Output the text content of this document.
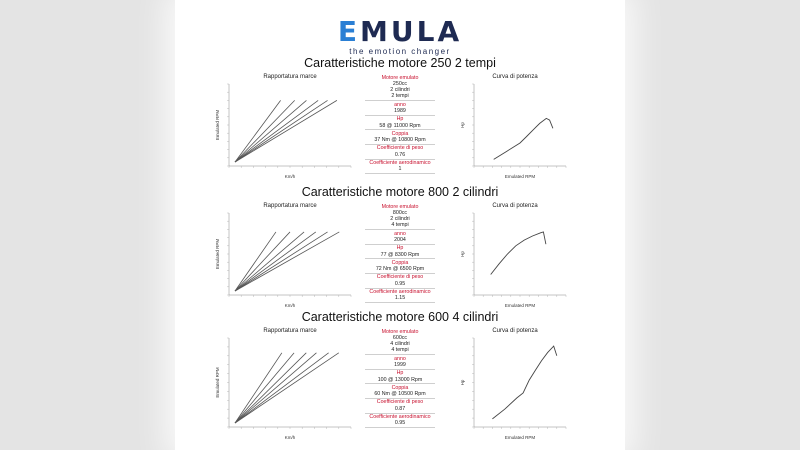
EMULA
the emotion changer
Caratteristiche motore 250 2 tempi
Rapportatura marce	Curva di potenza
Km/h
Emulated RPM
Motore emulato
250cc
2 cilindri
2 tempi
anno
1989
Hp
58 @ 11000 Rpm
Coppia
37 Nm @ 10800 Rpm
Coefficiente di peso
0.76
Coefficiente aerodinamico
1
Emulated RPM
Hp
Caratteristiche motore 800 2 cilindri
Rapportatura marce	Curva di potenza
Km/h
Emulated RPM
Motore emulato
800cc
2 cilindri
4 tempi
anno
2004
Hp
77 @ 8300 Rpm
Coppia
72 Nm @ 6500 Rpm
Coefficiente di peso
0.95
Coefficiente aerodinamico
1.15
Emulated RPM
Hp
Caratteristiche motore 600 4 cilindri
Rapportatura marce	Curva di potenza
Km/h
Emulated RPM
Motore emulato
600cc
4 cilindri
4 tempi
anno
1999
Hp
100 @ 13000 Rpm
Coppia
60 Nm @ 10500 Rpm
Coefficiente di peso
0.87
Coefficiente aerodinamico
0.95
Emulated RPM
Hp
